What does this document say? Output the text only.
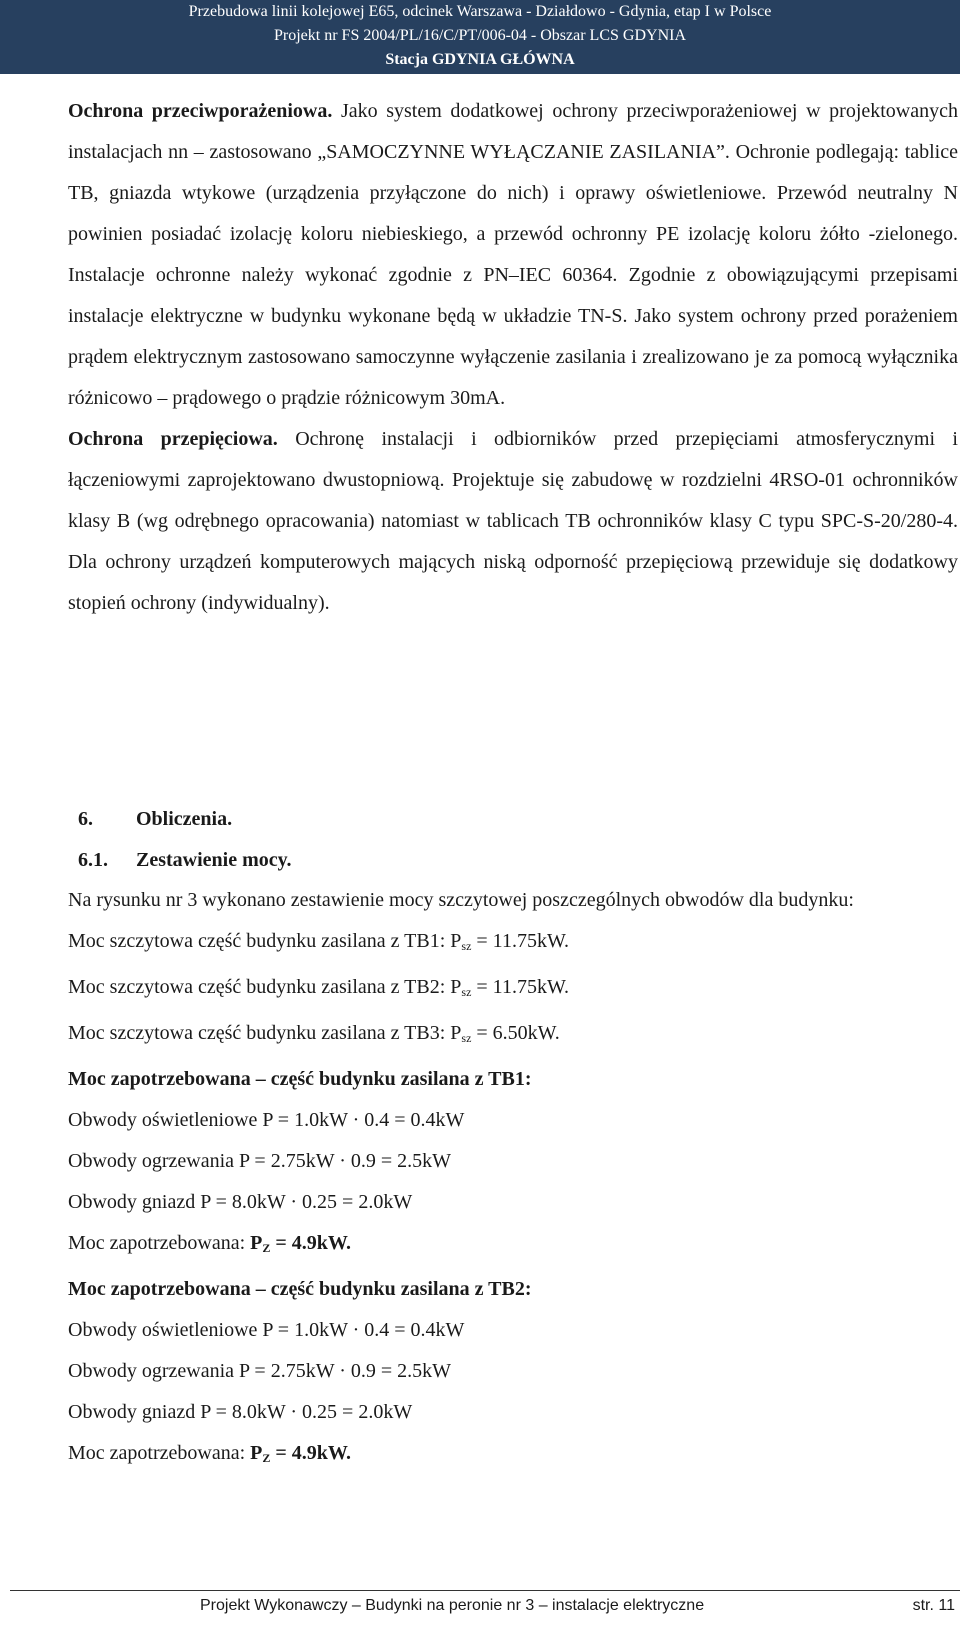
Przebudowa linii kolejowej E65, odcinek Warszawa - Działdowo - Gdynia, etap I w Polsce
Projekt nr FS 2004/PL/16/C/PT/006-04 - Obszar LCS GDYNIA
Stacja GDYNIA GŁÓWNA

Ochrona przeciwporażeniowa. Jako system dodatkowej ochrony przeciwporażeniowej w projektowanych instalacjach nn – zastosowano „SAMOCZYNNE WYŁĄCZANIE ZASILANIA”. Ochronie podlegają: tablice TB, gniazda wtykowe (urządzenia przyłączone do nich) i oprawy oświetleniowe. Przewód neutralny N powinien posiadać izolację koloru niebieskiego, a przewód ochronny PE izolację koloru żółto -zielonego. Instalacje ochronne należy wykonać zgodnie z PN–IEC 60364. Zgodnie z obowiązującymi przepisami instalacje elektryczne w budynku wykonane będą w układzie TN-S. Jako system ochrony przed porażeniem prądem elektrycznym zastosowano samoczynne wyłączenie zasilania i zrealizowano je za pomocą wyłącznika różnicowo – prądowego o prądzie różnicowym 30mA.

Ochrona przepięciowa. Ochronę instalacji i odbiorników przed przepięciami atmosferycznymi i łączeniowymi zaprojektowano dwustopniową. Projektuje się zabudowę w rozdzielni 4RSO-01 ochronników klasy B (wg odrębnego opracowania) natomiast w tablicach TB ochronników klasy C typu SPC-S-20/280-4. Dla ochrony urządzeń komputerowych mających niską odporność przepięciową przewiduje się dodatkowy stopień ochrony (indywidualny).

6. Obliczenia.
6.1. Zestawienie mocy.

Na rysunku nr 3 wykonano zestawienie mocy szczytowej poszczególnych obwodów dla budynku:

Moc szczytowa część budynku zasilana z TB1: $P_{sz} = 11.75kW$.

Moc szczytowa część budynku zasilana z TB2: $P_{sz} = 11.75kW$.

Moc szczytowa część budynku zasilana z TB3: $P_{sz} = 6.50kW$.

Moc zapotrzebowana – część budynku zasilana z TB1:

Obwody oświetleniowe P = 1.0kW · 0.4 = 0.4kW

Obwody ogrzewania P = 2.75kW · 0.9 = 2.5kW

Obwody gniazd P = 8.0kW · 0.25 = 2.0kW

Moc zapotrzebowana: $P_Z = 4.9kW$.

Moc zapotrzebowana – część budynku zasilana z TB2:

Obwody oświetleniowe P = 1.0kW · 0.4 = 0.4kW

Obwody ogrzewania P = 2.75kW · 0.9 = 2.5kW

Obwody gniazd P = 8.0kW · 0.25 = 2.0kW

Moc zapotrzebowana: $P_Z = 4.9kW$.

Projekt Wykonawczy – Budynki na peronie nr 3 – instalacje elektryczne	str. 11
